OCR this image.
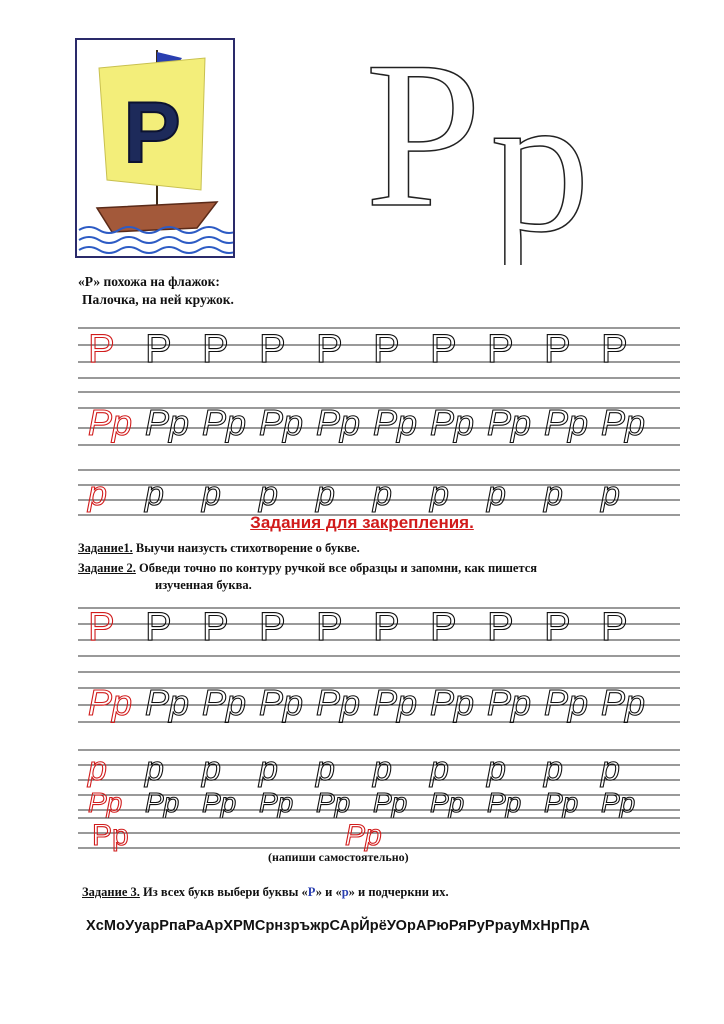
Р Р р
«Р» похожа на флажок:
Палочка, на ней кружок.
P P P P P P P P P P
Pp Pp Pp Pp Pp Pp Pp Pp Pp Pp
p p p p p p p p p p
P P P P P P P P P P
Pp Pp Pp Pp Pp Pp Pp Pp Pp Pp
p p p p p p p p p p
Pp Pp Pp Pp Pp Pp Pp Pp Pp Pp
Pp	Рр
Задания для закрепления.
Задание1. Выучи наизусть стихотворение о букве.
Задание 2. Обведи точно по контуру ручкой все образцы и запомни, как пишется
изученная буква.
(напиши самостоятельно)
Задание 3. Из всех букв выбери буквы «Р» и «р» и подчеркни их.
ХсМоУуарРпаРаАрХРМСрнзръжрСАрЙрёУОрАРюРяРуРрауМхНрПрА
